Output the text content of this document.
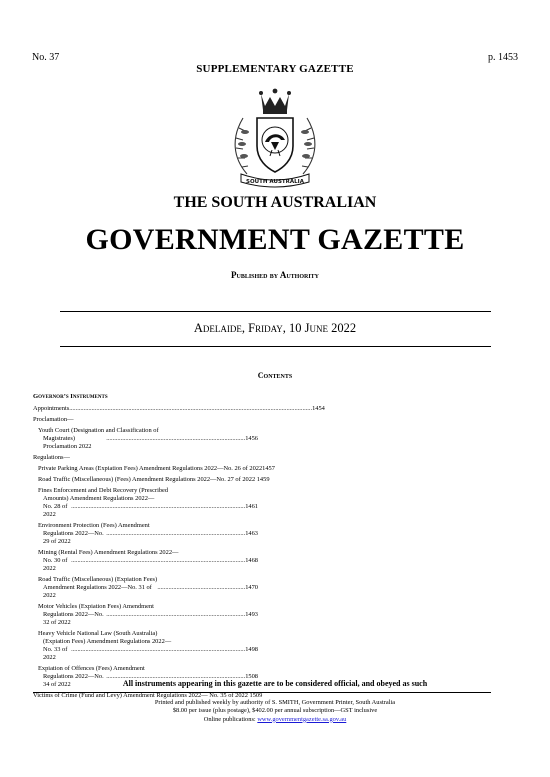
No. 37	p. 1453
SUPPLEMENTARY GAZETTE
SOUTH AUSTRALIA
THE SOUTH AUSTRALIAN
GOVERNMENT GAZETTE
Published by Authority
Adelaide, Friday, 10 June 2022
Contents
Governor’s Instruments
Appointments ........................................................................................................................................................ 1454
Proclamation—
Youth Court (Designation and Classification of
Magistrates) Proclamation 2022
....................................................................................... 1456
Regulations—
Private Parking Areas (Expiation Fees) Amendment Regulations 2022—No. 26 of 20221457
Road Traffic (Miscellaneous) (Fees) Amendment Regulations 2022—No. 27 of 2022 1459
Fines Enforcement and Debt Recovery (Prescribed
Amounts) Amendment Regulations 2022—
No. 28 of 2022
............................................................................................................. 1461
Environment Protection (Fees) Amendment
Regulations 2022—No. 29 of 2022
....................................................................................... 1463
Mining (Rental Fees) Amendment Regulations 2022—
No. 30 of 2022
............................................................................................................. 1468
Road Traffic (Miscellaneous) (Expiation Fees)
Amendment Regulations 2022—No. 31 of 2022
....................................................... 1470
Motor Vehicles (Expiation Fees) Amendment
Regulations 2022—No. 32 of 2022
....................................................................................... 1493
Heavy Vehicle National Law (South Australia)
(Expiation Fees) Amendment Regulations 2022—
No. 33 of 2022
............................................................................................................. 1498
Expiation of Offences (Fees) Amendment
Regulations 2022—No. 34 of 2022
....................................................................................... 1508
Victims of Crime (Fund and Levy) Amendment Regulations 2022— No. 35 of 2022 1509
All instruments appearing in this gazette are to be considered official, and obeyed as such
Printed and published weekly by authority of S. SMITH, Government Printer, South Australia
$8.00 per issue (plus postage), $402.00 per annual subscription—GST inclusive
Online publications: www.governmentgazette.sa.gov.au
